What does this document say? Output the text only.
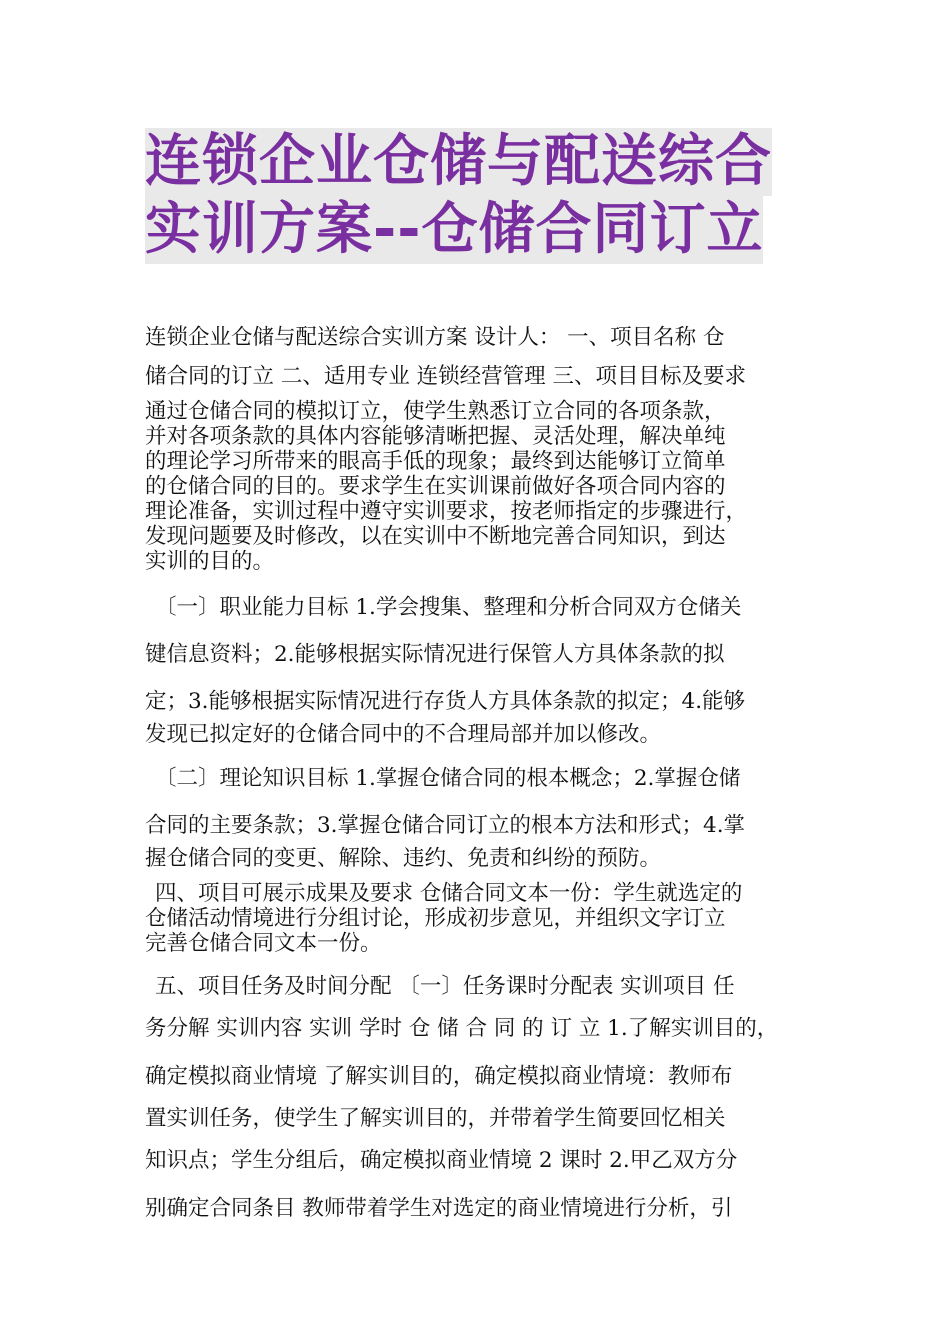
连锁企业仓储与配送综合
实训方案--仓储合同订立
连锁企业仓储与配送综合实训方案 设计人： 一、项目名称 仓
储合同的订立 二、适用专业 连锁经营管理 三、项目目标及要求
通过仓储合同的模拟订立，使学生熟悉订立合同的各项条款，
并对各项条款的具体内容能够清晰把握、灵活处理，解决单纯
的理论学习所带来的眼高手低的现象；最终到达能够订立简单
的仓储合同的目的。要求学生在实训课前做好各项合同内容的
理论准备，实训过程中遵守实训要求，按老师指定的步骤进行，
发现问题要及时修改，以在实训中不断地完善合同知识，到达
实训的目的。
〔一〕职业能力目标 1.学会搜集、整理和分析合同双方仓储关
键信息资料；2.能够根据实际情况进行保管人方具体条款的拟
定；3.能够根据实际情况进行存货人方具体条款的拟定；4.能够
发现已拟定好的仓储合同中的不合理局部并加以修改。
〔二〕理论知识目标 1.掌握仓储合同的根本概念；2.掌握仓储
合同的主要条款；3.掌握仓储合同订立的根本方法和形式；4.掌
握仓储合同的变更、解除、违约、免责和纠纷的预防。
四、项目可展示成果及要求 仓储合同文本一份：学生就选定的
仓储活动情境进行分组讨论，形成初步意见，并组织文字订立
完善仓储合同文本一份。
五、项目任务及时间分配 〔一〕任务课时分配表 实训项目 任
务分解 实训内容 实训 学时 仓 储 合 同 的 订 立 1.了解实训目的，
确定模拟商业情境 了解实训目的，确定模拟商业情境：教师布
置实训任务，使学生了解实训目的，并带着学生简要回忆相关
知识点；学生分组后，确定模拟商业情境 2 课时 2.甲乙双方分
别确定合同条目 教师带着学生对选定的商业情境进行分析，引
